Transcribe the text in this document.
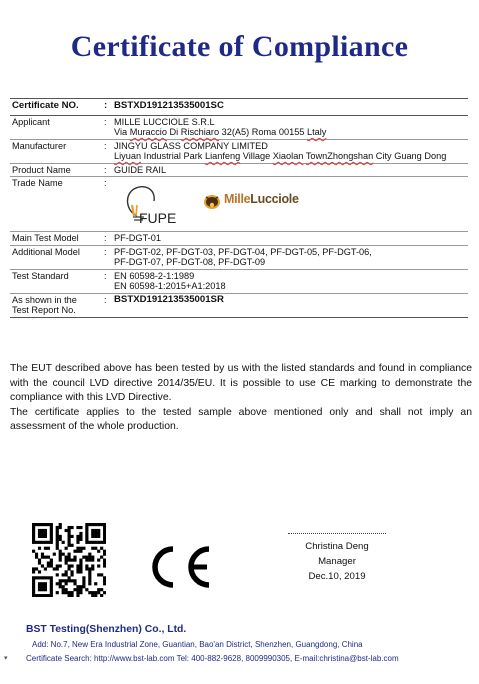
Certificate of Compliance
Certificate NO.	:	BSTXD191213535001SC
Applicant	:	MILLE LUCCIOLE S.R.L
Via Muraccio Di Rischiaro 32(A5) Roma 00155 Ltaly

Manufacturer	:	JINGYU GLASS COMPANY LIMITED
Liyuan Industrial Park Lianfeng Village Xiaolan TownZhongshan City Guang Dong

Product Name	:	GUIDE RAIL
Trade Name	:	FUPE
MilleLucciole

Main Test Model	:	PF-DGT-01
Additional Model	:	PF-DGT-02, PF-DGT-03, PF-DGT-04, PF-DGT-05, PF-DGT-06,
PF-DGT-07, PF-DGT-08, PF-DGT-09

Test Standard	:	EN 60598-2-1:1989
EN 60598-1:2015+A1:2018

As shown in the
Test Report No.	:	BSTXD191213535001SR

The EUT described above has been tested by us with the listed standards and found in compliance with the council LVD directive 2014/35/EU. It is possible to use CE marking to demonstrate the compliance with this LVD Directive.

The certificate applies to the tested sample above mentioned only and shall not imply an assessment of the whole production.

CE	Christina Deng
Manager
Dec.10, 2019
BST Testing(Shenzhen) Co., Ltd.
Add: No.7, New Era Industrial Zone, Guantian, Bao'an District, Shenzhen, Guangdong, China
▾ Certificate Search: http://www.bst-lab.com Tel: 400-882-9628, 8009990305, E-mail:christina@bst-lab.com
